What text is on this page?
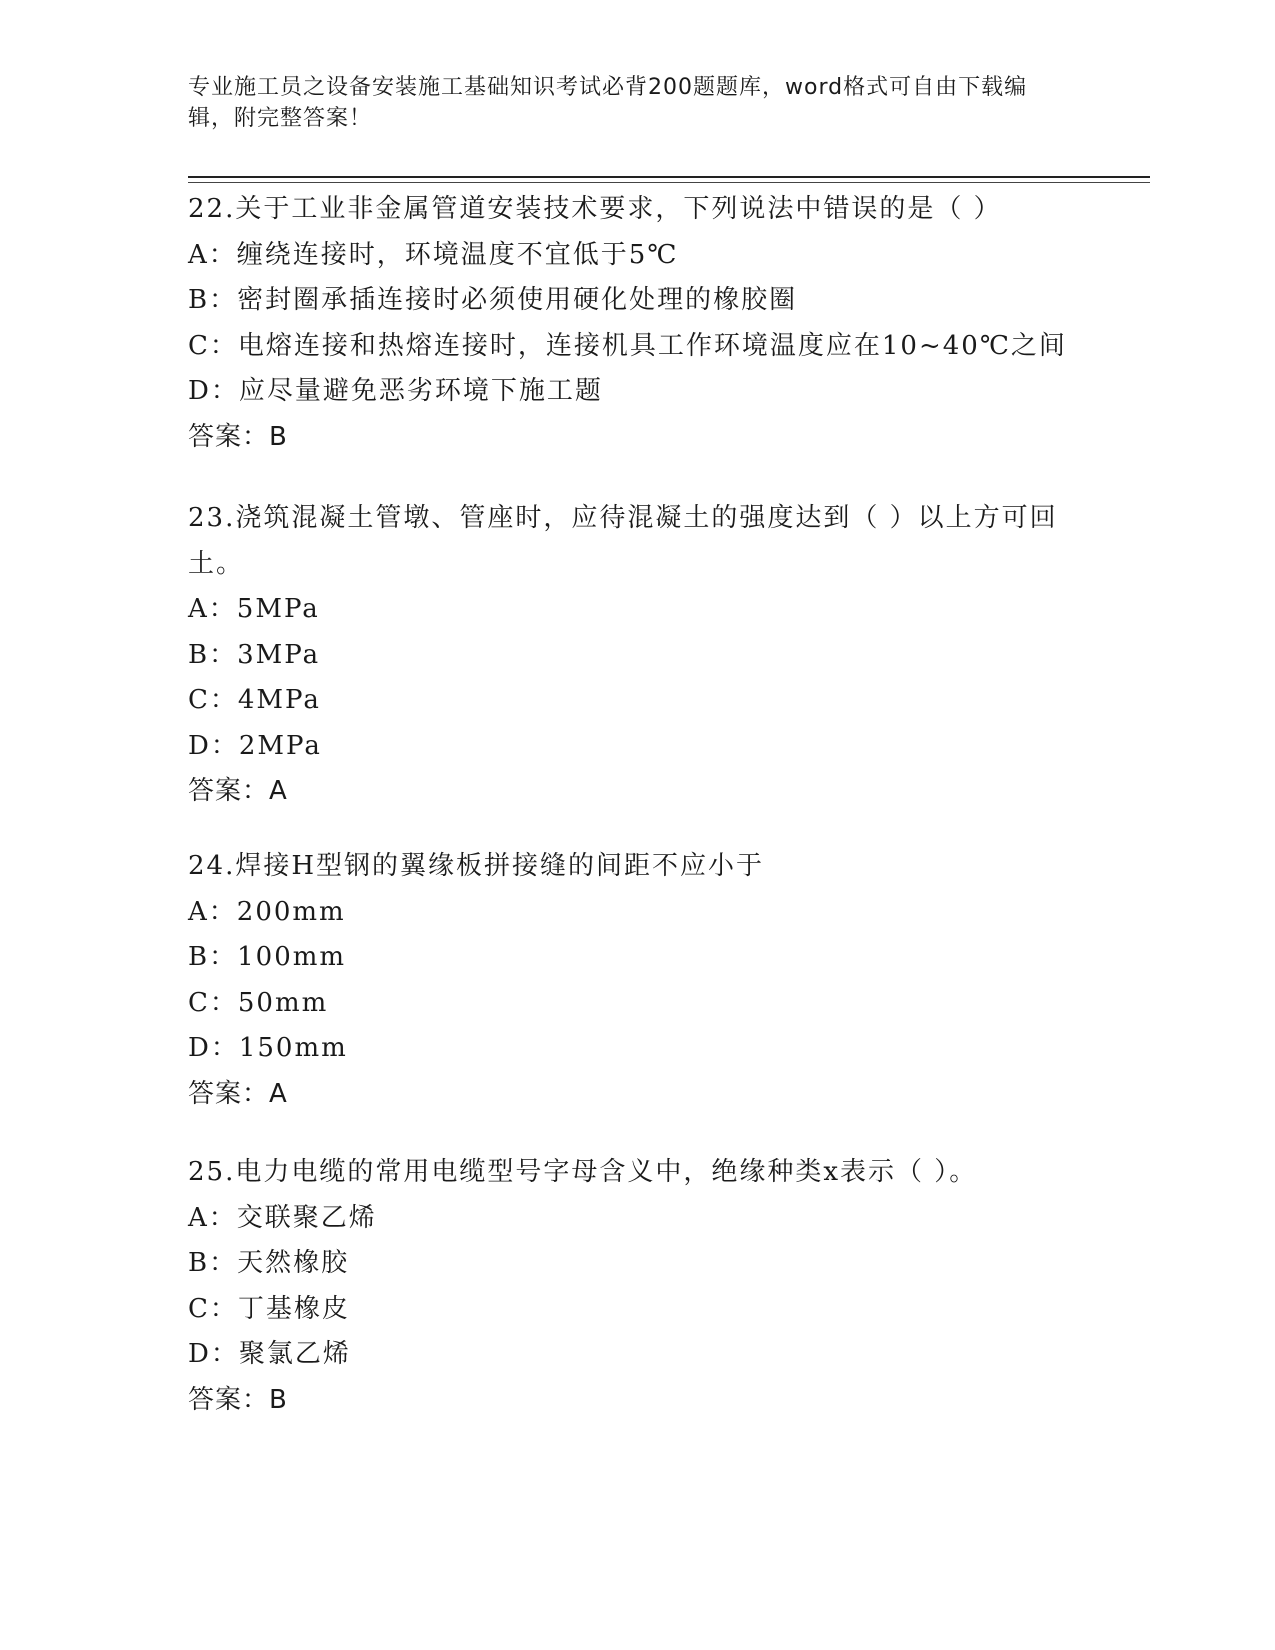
专业施工员之设备安装施工基础知识考试必背200题题库，word格式可自由下载编辑，附完整答案！

22.关于工业非金属管道安装技术要求，下列说法中错误的是（ ）

A：缠绕连接时，环境温度不宜低于5℃

B：密封圈承插连接时必须使用硬化处理的橡胶圈

C：电熔连接和热熔连接时，连接机具工作环境温度应在10~40℃之间

D：应尽量避免恶劣环境下施工题

答案：B

23.浇筑混凝土管墩、管座时，应待混凝土的强度达到（ ）以上方可回土。

A：5MPa

B：3MPa

C：4MPa

D：2MPa

答案：A

24.焊接H型钢的翼缘板拼接缝的间距不应小于

A：200mm

B：100mm

C：50mm

D：150mm

答案：A

25.电力电缆的常用电缆型号字母含义中，绝缘种类x表示（ ）。

A：交联聚乙烯

B：天然橡胶

C：丁基橡皮

D：聚氯乙烯

答案：B
